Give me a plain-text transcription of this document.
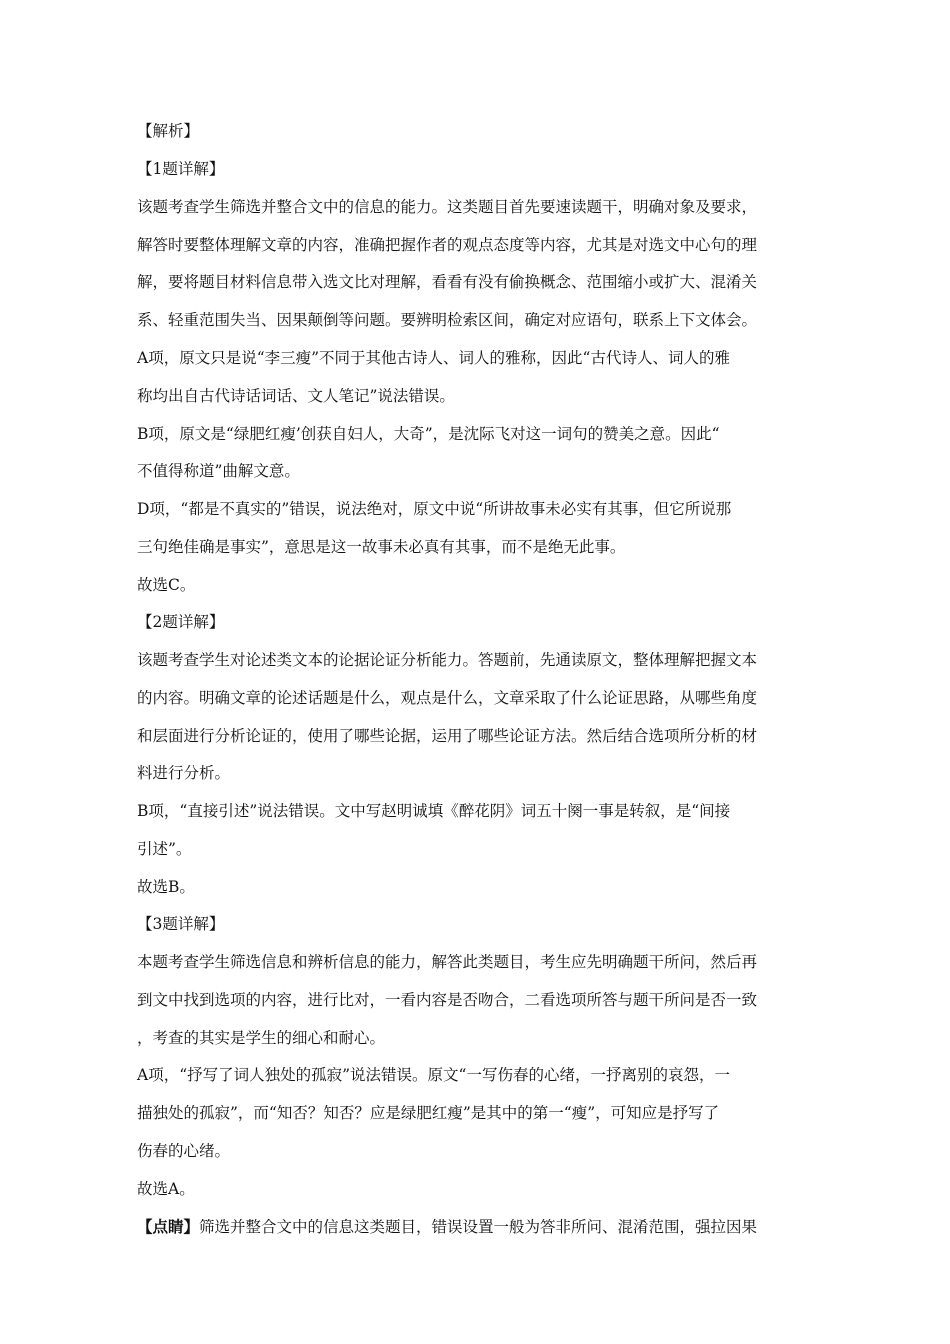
【解析】
【1题详解】
该题考查学生筛选并整合文中的信息的能力。这类题目首先要速读题干，明确对象及要求，
解答时要整体理解文章的内容，准确把握作者的观点态度等内容，尤其是对选文中心句的理
解，要将题目材料信息带入选文比对理解，看看有没有偷换概念、范围缩小或扩大、混淆关
系、轻重范围失当、因果颠倒等问题。要辨明检索区间，确定对应语句，联系上下文体会。
A项，原文只是说“李三瘦”不同于其他古诗人、词人的雅称，因此“古代诗人、词人的雅
称均出自古代诗话词话、文人笔记”说法错误。
B项，原文是“绿肥红瘦’创获自妇人，大奇”，是沈际飞对这一词句的赞美之意。因此“
不值得称道”曲解文意。
D项，“都是不真实的”错误，说法绝对，原文中说“所讲故事未必实有其事，但它所说那
三句绝佳确是事实”，意思是这一故事未必真有其事，而不是绝无此事。
故选C。
【2题详解】
该题考查学生对论述类文本的论据论证分析能力。答题前，先通读原文，整体理解把握文本
的内容。明确文章的论述话题是什么，观点是什么，文章采取了什么论证思路，从哪些角度
和层面进行分析论证的，使用了哪些论据，运用了哪些论证方法。然后结合选项所分析的材
料进行分析。
B项，“直接引述”说法错误。文中写赵明诚填《醉花阴》词五十阕一事是转叙，是“间接
引述”。
故选B。
【3题详解】
本题考查学生筛选信息和辨析信息的能力，解答此类题目，考生应先明确题干所问，然后再
到文中找到选项的内容，进行比对，一看内容是否吻合，二看选项所答与题干所问是否一致
，考查的其实是学生的细心和耐心。
A项，“抒写了词人独处的孤寂”说法错误。原文“一写伤春的心绪，一抒离别的哀怨，一
描独处的孤寂”，而“知否？知否？应是绿肥红瘦”是其中的第一“瘦”，可知应是抒写了
伤春的心绪。
故选A。
【点睛】筛选并整合文中的信息这类题目，错误设置一般为答非所问、混淆范围，强拉因果
